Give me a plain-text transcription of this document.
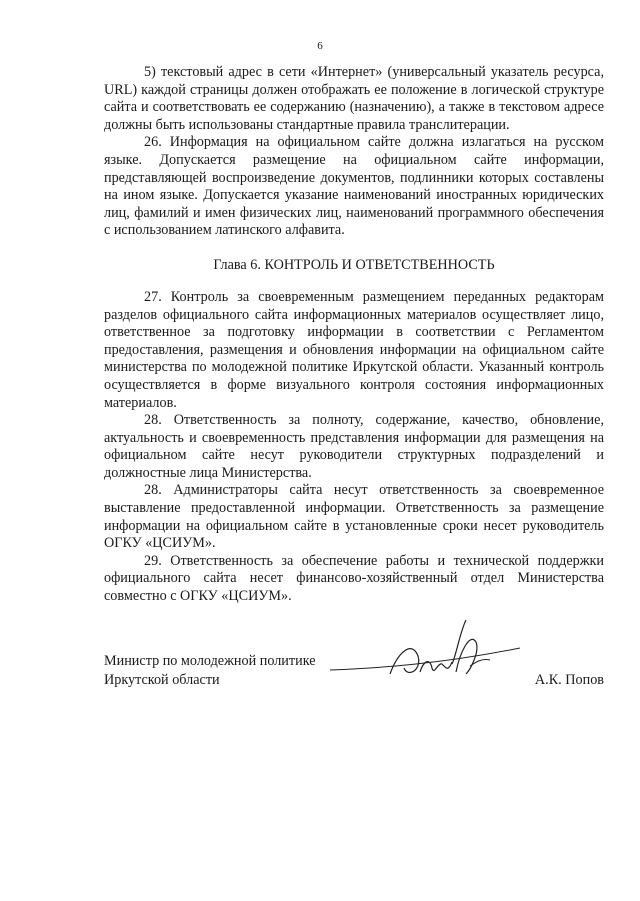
6

5) текстовый адрес в сети «Интернет» (универсальный указатель ресурса, URL) каждой страницы должен отображать ее положение в логической структуре сайта и соответствовать ее содержанию (назначению), а также в текстовом адресе должны быть использованы стандартные правила транслитерации.

26. Информация на официальном сайте должна излагаться на русском языке. Допускается размещение на официальном сайте информации, представляющей воспроизведение документов, подлинники которых составлены на ином языке. Допускается указание наименований иностранных юридических лиц, фамилий и имен физических лиц, наименований программного обеспечения с использованием латинского алфавита.

Глава 6. КОНТРОЛЬ И ОТВЕТСТВЕННОСТЬ

27. Контроль за своевременным размещением переданных редакторам разделов официального сайта информационных материалов осуществляет лицо, ответственное за подготовку информации в соответствии с Регламентом предоставления, размещения и обновления информации на официальном сайте министерства по молодежной политике Иркутской области. Указанный контроль осуществляется в форме визуального контроля состояния информационных материалов.

28. Ответственность за полноту, содержание, качество, обновление, актуальность и своевременность представления информации для размещения на официальном сайте несут руководители структурных подразделений и должностные лица Министерства.

28. Администраторы сайта несут ответственность за своевременное выставление предоставленной информации. Ответственность за размещение информации на официальном сайте в установленные сроки несет руководитель ОГКУ «ЦСИУМ».

29. Ответственность за обеспечение работы и технической поддержки официального сайта несет финансово-хозяйственный отдел Министерства совместно с ОГКУ «ЦСИУМ».

Министр по молодежной политике
Иркутской области	А.К. Попов
